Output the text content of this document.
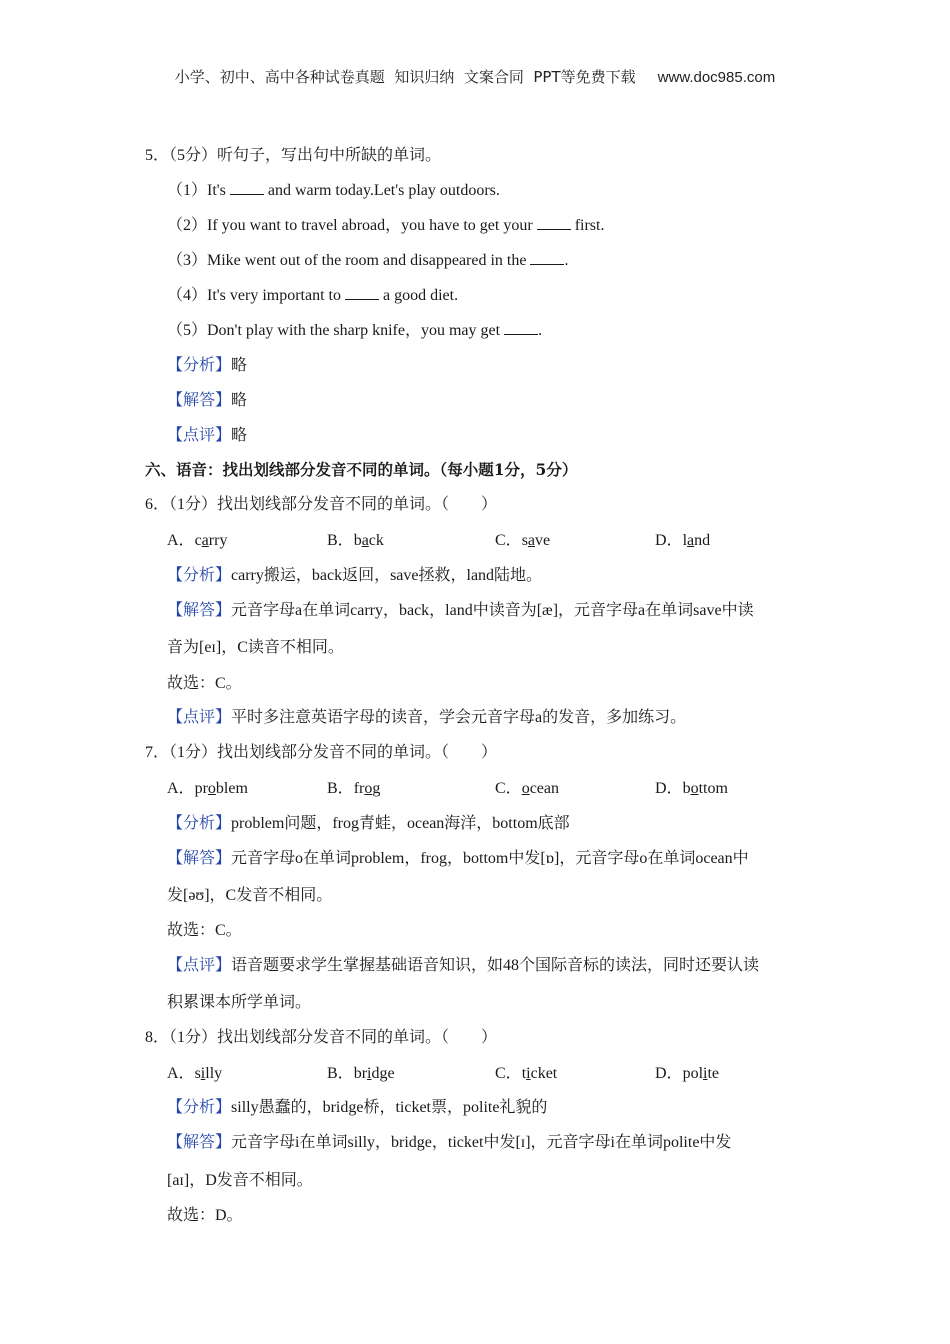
小学、初中、高中各种试卷真题  知识归纳  文案合同  PPT等免费下载 www.doc985.com
5．（5分）听句子，写出句中所缺的单词。
（1）It's  and warm today.Let's play outdoors.
（2）If you want to travel abroad，you have to get your  first.
（3）Mike went out of the room and disappeared in the .
（4）It's very important to  a good diet.
（5）Don't play with the sharp knife，you may get .
【分析】略
【解答】略
【点评】略
六、语音：找出划线部分发音不同的单词。（每小题1分，5分）
6．（1分）找出划线部分发音不同的单词。（　　）
A．carry	B．back	C．save	D．land
【分析】carry搬运，back返回，save拯救，land陆地。
【解答】元音字母a在单词carry，back，land中读音为[æ]，元音字母a在单词save中读
音为[eɪ]，C读音不相同。
故选：C。
【点评】平时多注意英语字母的读音，学会元音字母a的发音，多加练习。
7．（1分）找出划线部分发音不同的单词。（　　）
A．problem	B．frog	C．ocean	D．bottom
【分析】problem问题，frog青蛙，ocean海洋，bottom底部
【解答】元音字母o在单词problem，frog，bottom中发[ɒ]，元音字母o在单词ocean中
发[əʊ]，C发音不相同。
故选：C。
【点评】语音题要求学生掌握基础语音知识，如48个国际音标的读法，同时还要认读
积累课本所学单词。
8．（1分）找出划线部分发音不同的单词。（　　）
A．silly	B．bridge	C．ticket	D．polite
【分析】silly愚蠢的，bridge桥，ticket票，polite礼貌的
【解答】元音字母i在单词silly，bridge，ticket中发[ɪ]，元音字母i在单词polite中发
[aɪ]，D发音不相同。
故选：D。
